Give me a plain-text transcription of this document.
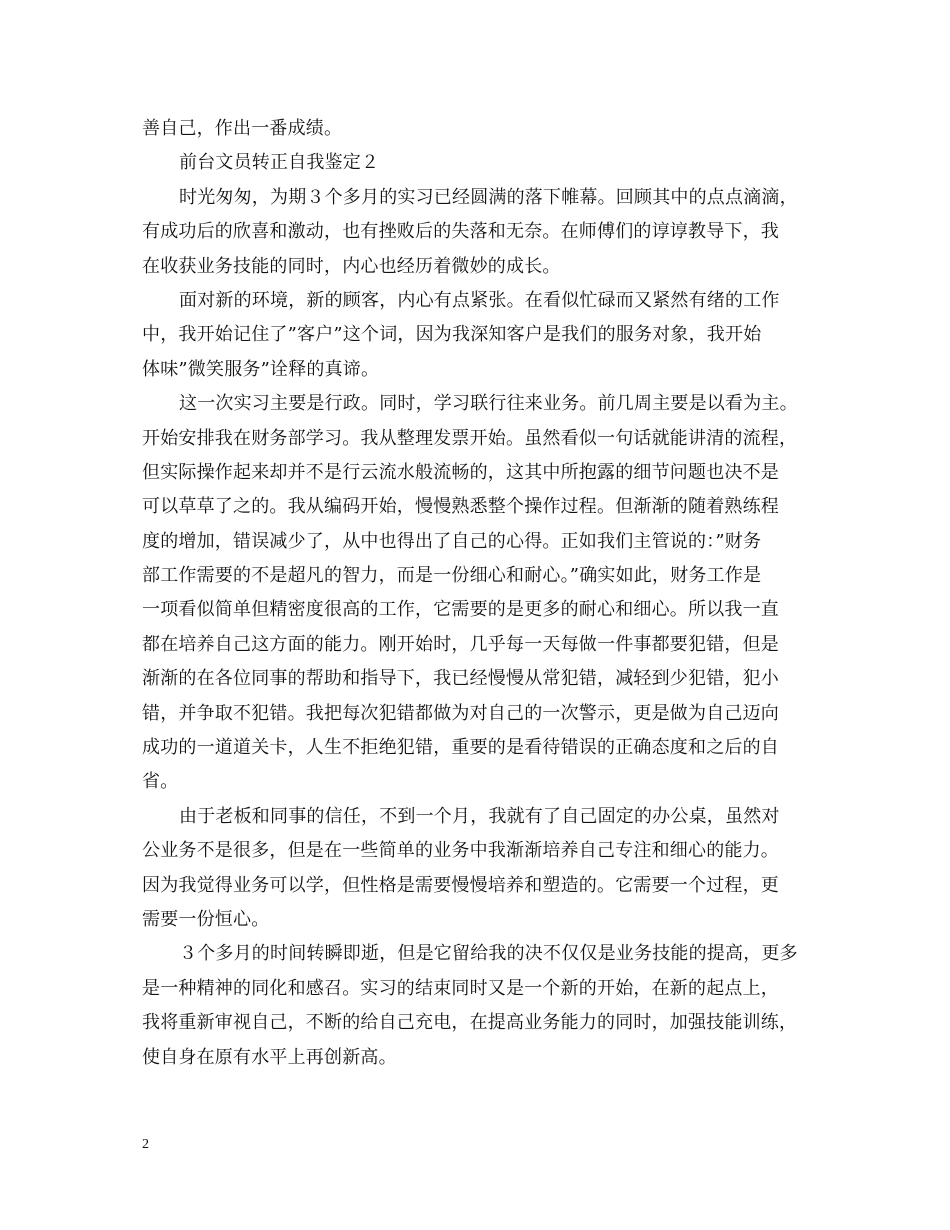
善自己，作出一番成绩。
前台文员转正自我鉴定２
时光匆匆，为期３个多月的实习已经圆满的落下帷幕。回顾其中的点点滴滴，
有成功后的欣喜和激动，也有挫败后的失落和无奈。在师傅们的谆谆教导下，我
在收获业务技能的同时，内心也经历着微妙的成长。
面对新的环境，新的顾客，内心有点紧张。在看似忙碌而又紧然有绪的工作
中，我开始记住了”客户”这个词，因为我深知客户是我们的服务对象，我开始
体味”微笑服务”诠释的真谛。
这一次实习主要是行政。同时，学习联行往来业务。前几周主要是以看为主。
开始安排我在财务部学习。我从整理发票开始。虽然看似一句话就能讲清的流程，
但实际操作起来却并不是行云流水般流畅的，这其中所抱露的细节问题也决不是
可以草草了之的。我从编码开始，慢慢熟悉整个操作过程。但渐渐的随着熟练程
度的增加，错误减少了，从中也得出了自己的心得。正如我们主管说的：”财务
部工作需要的不是超凡的智力，而是一份细心和耐心。”确实如此，财务工作是
一项看似简单但精密度很高的工作，它需要的是更多的耐心和细心。所以我一直
都在培养自己这方面的能力。刚开始时，几乎每一天每做一件事都要犯错，但是
渐渐的在各位同事的帮助和指导下，我已经慢慢从常犯错，减轻到少犯错，犯小
错，并争取不犯错。我把每次犯错都做为对自己的一次警示，更是做为自己迈向
成功的一道道关卡，人生不拒绝犯错，重要的是看待错误的正确态度和之后的自
省。
由于老板和同事的信任，不到一个月，我就有了自己固定的办公桌，虽然对
公业务不是很多，但是在一些简单的业务中我渐渐培养自己专注和细心的能力。
因为我觉得业务可以学，但性格是需要慢慢培养和塑造的。它需要一个过程，更
需要一份恒心。
３个多月的时间转瞬即逝，但是它留给我的决不仅仅是业务技能的提高，更多
是一种精神的同化和感召。实习的结束同时又是一个新的开始，在新的起点上，
我将重新审视自己，不断的给自己充电，在提高业务能力的同时，加强技能训练，
使自身在原有水平上再创新高。
2
